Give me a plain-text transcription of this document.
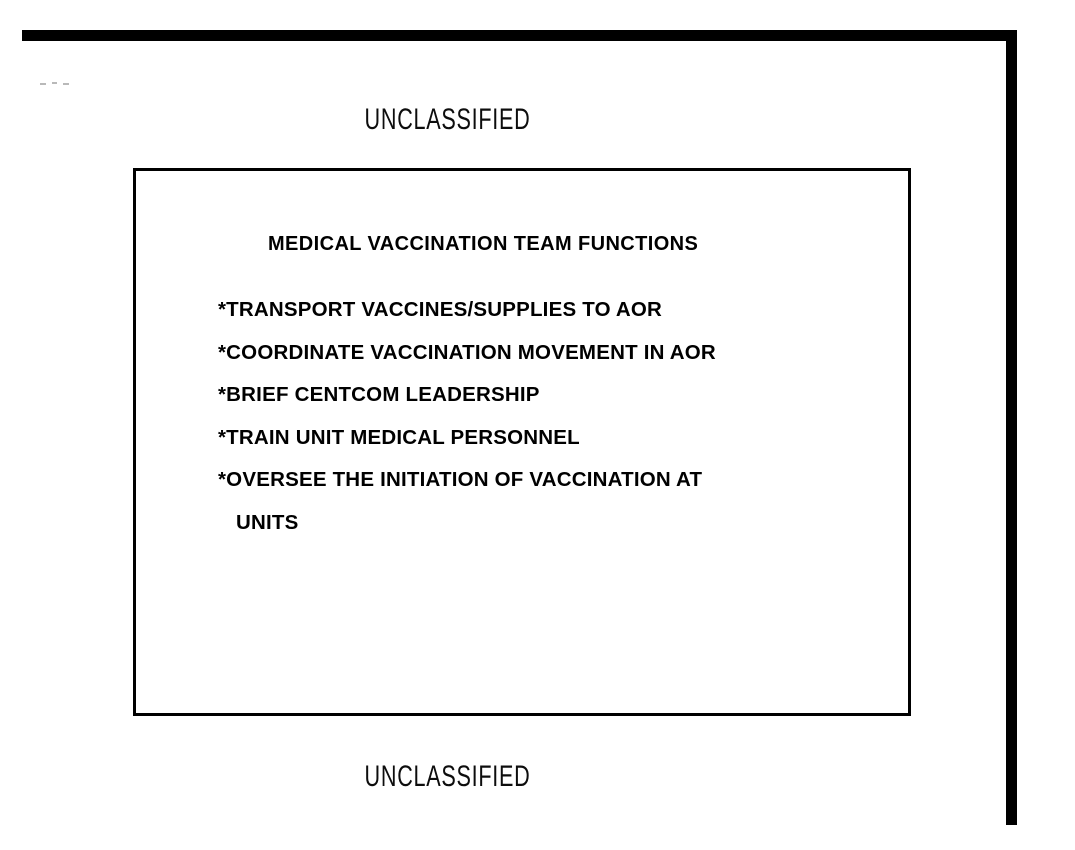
UNCLASSIFIED
MEDICAL VACCINATION TEAM FUNCTIONS
*TRANSPORT VACCINES/SUPPLIES TO AOR
*COORDINATE VACCINATION MOVEMENT IN AOR
*BRIEF CENTCOM LEADERSHIP
*TRAIN UNIT MEDICAL PERSONNEL
*OVERSEE THE INITIATION OF VACCINATION AT
UNITS
UNCLASSIFIED
